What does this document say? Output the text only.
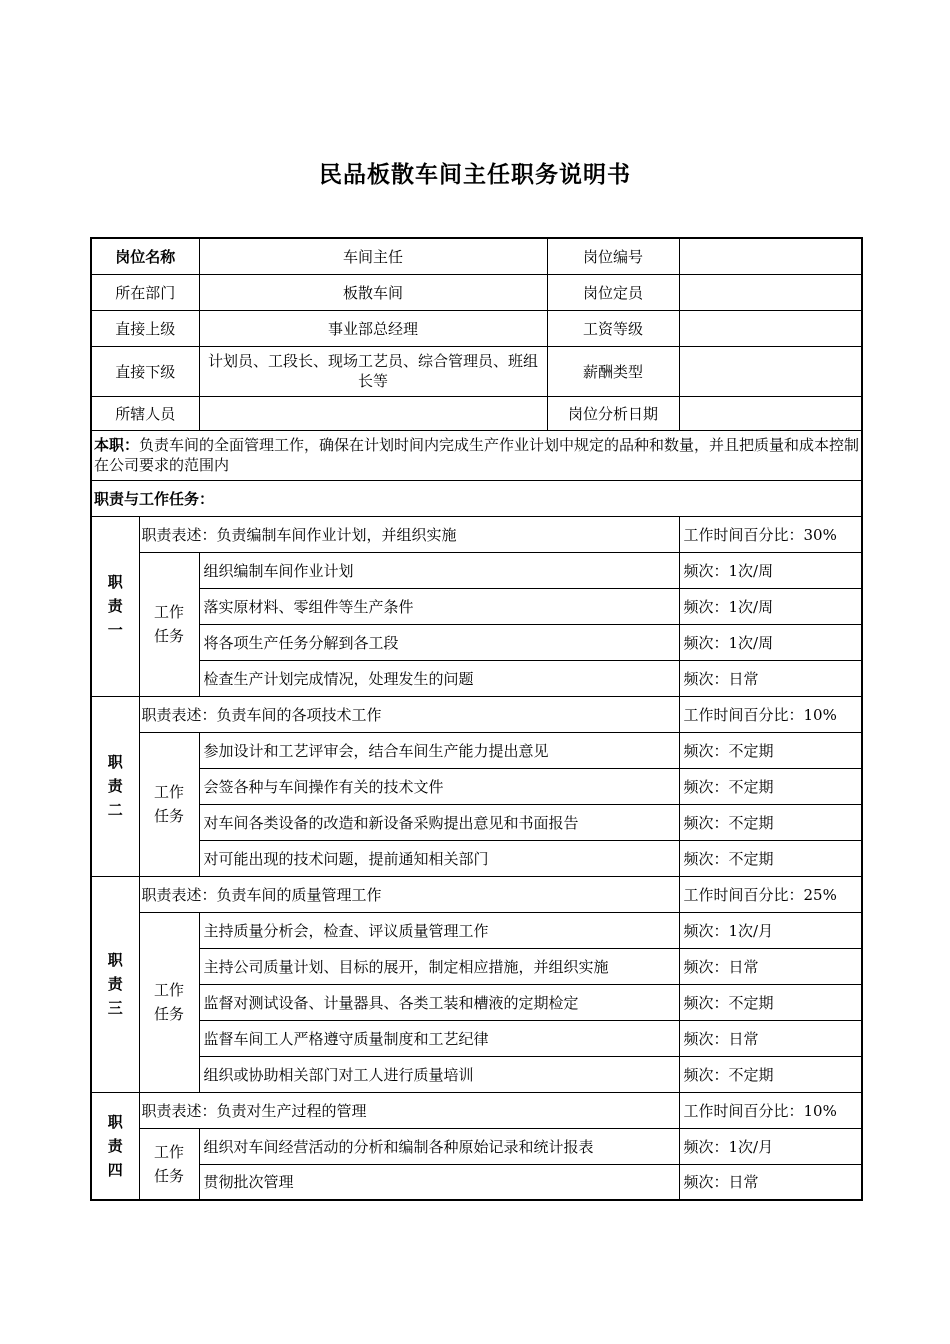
民品板散车间主任职务说明书
岗位名称		车间主任	岗位编号	
所在部门		板散车间	岗位定员	
直接上级		事业部总经理	工资等级	
直接下级		计划员、工段长、现场工艺员、综合管理员、班组长等	薪酬类型	
所辖人员			岗位分析日期	
本职：负责车间的全面管理工作，确保在计划时间内完成生产作业计划中规定的品种和数量，并且把质量和成本控制在公司要求的范围内				
职责与工作任务：				

职
责
一	职责表述：负责编制车间作业计划，并组织实施			工作时间百分比：30%

	工作
任务	组织编制车间作业计划		频次：1次/周
		落实原材料、零组件等生产条件		频次：1次/周
		将各项生产任务分解到各工段		频次：1次/周
		检查生产计划完成情况，处理发生的问题		频次：日常

职
责
二	职责表述：负责车间的各项技术工作			工作时间百分比：10%

	工作
任务	参加设计和工艺评审会，结合车间生产能力提出意见		频次：不定期
		会签各种与车间操作有关的技术文件		频次：不定期
		对车间各类设备的改造和新设备采购提出意见和书面报告		频次：不定期
		对可能出现的技术问题，提前通知相关部门		频次：不定期

职
责
三	职责表述：负责车间的质量管理工作			工作时间百分比：25%

	工作
任务	主持质量分析会，检查、评议质量管理工作		频次：1次/月
		主持公司质量计划、目标的展开，制定相应措施，并组织实施		频次：日常
		监督对测试设备、计量器具、各类工装和槽液的定期检定		频次：不定期
		监督车间工人严格遵守质量制度和工艺纪律		频次：日常
		组织或协助相关部门对工人进行质量培训		频次：不定期

职
责
四	职责表述：负责对生产过程的管理			工作时间百分比：10%

	工作
任务	组织对车间经营活动的分析和编制各种原始记录和统计报表		频次：1次/月
		贯彻批次管理		频次：日常
